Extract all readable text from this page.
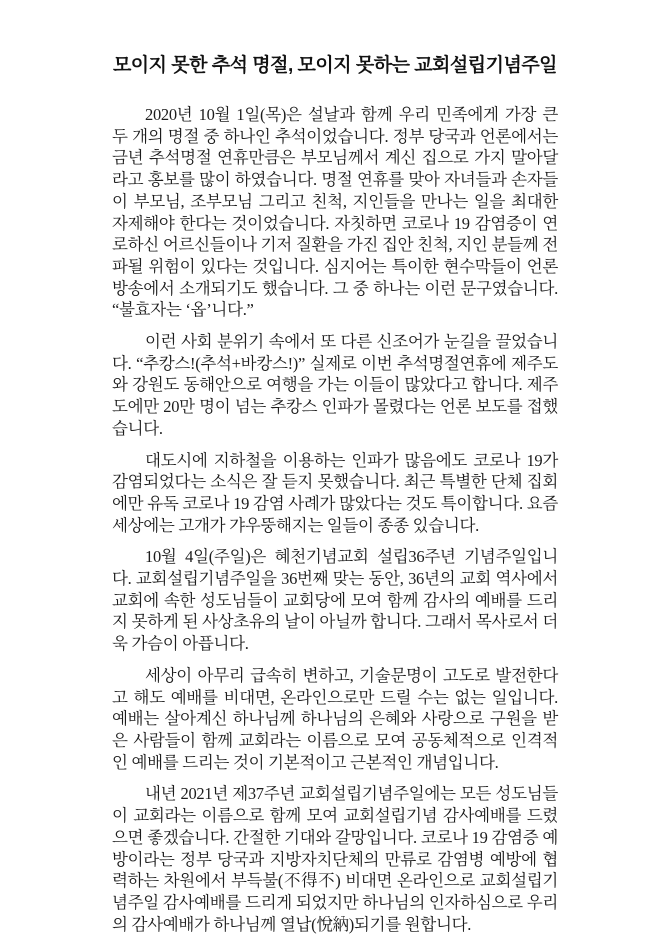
모이지 못한 추석 명절, 모이지 못하는 교회설립기념주일

2020년 10월 1일(목)은 설날과 함께 우리 민족에게 가장 큰 두 개의 명절 중 하나인 추석이었습니다. 정부 당국과 언론에서는 금년 추석명절 연휴만큼은 부모님께서 계신 집으로 가지 말아달라고 홍보를 많이 하였습니다. 명절 연휴를 맞아 자녀들과 손자들이 부모님, 조부모님 그리고 친척, 지인들을 만나는 일을 최대한 자제해야 한다는 것이었습니다. 자칫하면 코로나 19 감염증이 연로하신 어르신들이나 기저 질환을 가진 집안 친척, 지인 분들께 전파될 위험이 있다는 것입니다. 심지어는 특이한 현수막들이 언론방송에서 소개되기도 했습니다. 그 중 하나는 이런 문구였습니다. “불효자는 ‘옵’니다.”

이런 사회 분위기 속에서 또 다른 신조어가 눈길을 끌었습니다. “추캉스!(추석+바캉스!)” 실제로 이번 추석명절연휴에 제주도와 강원도 동해안으로 여행을 가는 이들이 많았다고 합니다. 제주도에만 20만 명이 넘는 추캉스 인파가 몰렸다는 언론 보도를 접했습니다.

대도시에 지하철을 이용하는 인파가 많음에도 코로나 19가 감염되었다는 소식은 잘 듣지 못했습니다. 최근 특별한 단체 집회에만 유독 코로나 19 감염 사례가 많았다는 것도 특이합니다. 요즘 세상에는 고개가 갸우뚱해지는 일들이 종종 있습니다.

10월 4일(주일)은 혜천기념교회 설립36주년 기념주일입니다. 교회설립기념주일을 36번째 맞는 동안, 36년의 교회 역사에서 교회에 속한 성도님들이 교회당에 모여 함께 감사의 예배를 드리지 못하게 된 사상초유의 날이 아닐까 합니다. 그래서 목사로서 더욱 가슴이 아픕니다.

세상이 아무리 급속히 변하고, 기술문명이 고도로 발전한다고 해도 예배를 비대면, 온라인으로만 드릴 수는 없는 일입니다. 예배는 살아계신 하나님께 하나님의 은혜와 사랑으로 구원을 받은 사람들이 함께 교회라는 이름으로 모여 공동체적으로 인격적인 예배를 드리는 것이 기본적이고 근본적인 개념입니다.

내년 2021년 제37주년 교회설립기념주일에는 모든 성도님들이 교회라는 이름으로 함께 모여 교회설립기념 감사예배를 드렸으면 좋겠습니다. 간절한 기대와 갈망입니다. 코로나 19 감염증 예방이라는 정부 당국과 지방자치단체의 만류로 감염병 예방에 협력하는 차원에서 부득불(不得不) 비대면 온라인으로 교회설립기념주일 감사예배를 드리게 되었지만 하나님의 인자하심으로 우리의 감사예배가 하나님께 열납(悅納)되기를 원합니다.
